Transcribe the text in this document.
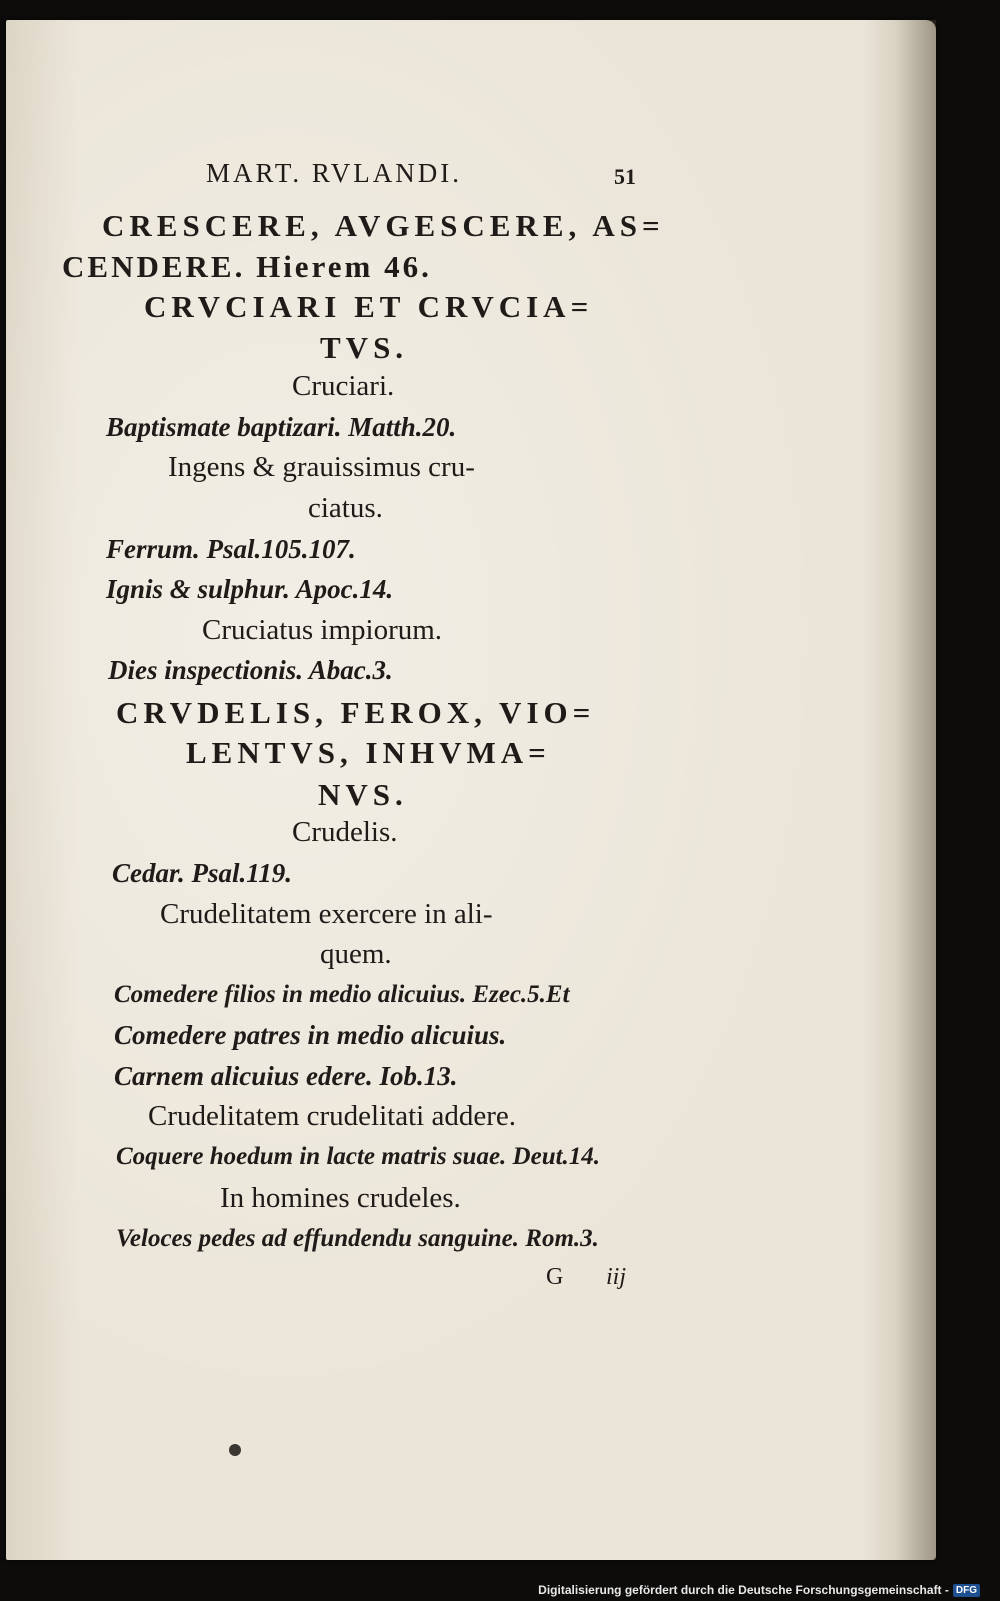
MART. RVLANDI.	51
CRESCERE, AVGESCERE, AS=
CENDERE. Hierem 46.
CRVCIARI ET CRVCIA=
TVS.
Cruciari.
Baptismate baptizari. Matth.20.
Ingens & grauissimus cru-
ciatus.
Ferrum. Psal.105.107.
Ignis & sulphur. Apoc.14.
Cruciatus impiorum.
Dies inspectionis. Abac.3.
CRVDELIS, FEROX, VIO=
LENTVS, INHVMA=
NVS.
Crudelis.
Cedar. Psal.119.
Crudelitatem exercere in ali-
quem.
Comedere filios in medio alicuius. Ezec.5.Et
Comedere patres in medio alicuius.
Carnem alicuius edere. Iob.13.
Crudelitatem crudelitati addere.
Coquere hoedum in lacte matris suae. Deut.14.
In homines crudeles.
Veloces pedes ad effundendu sanguine. Rom.3.
G iij
Digitalisierung gefördert durch die Deutsche Forschungsgemeinschaft - DFG
